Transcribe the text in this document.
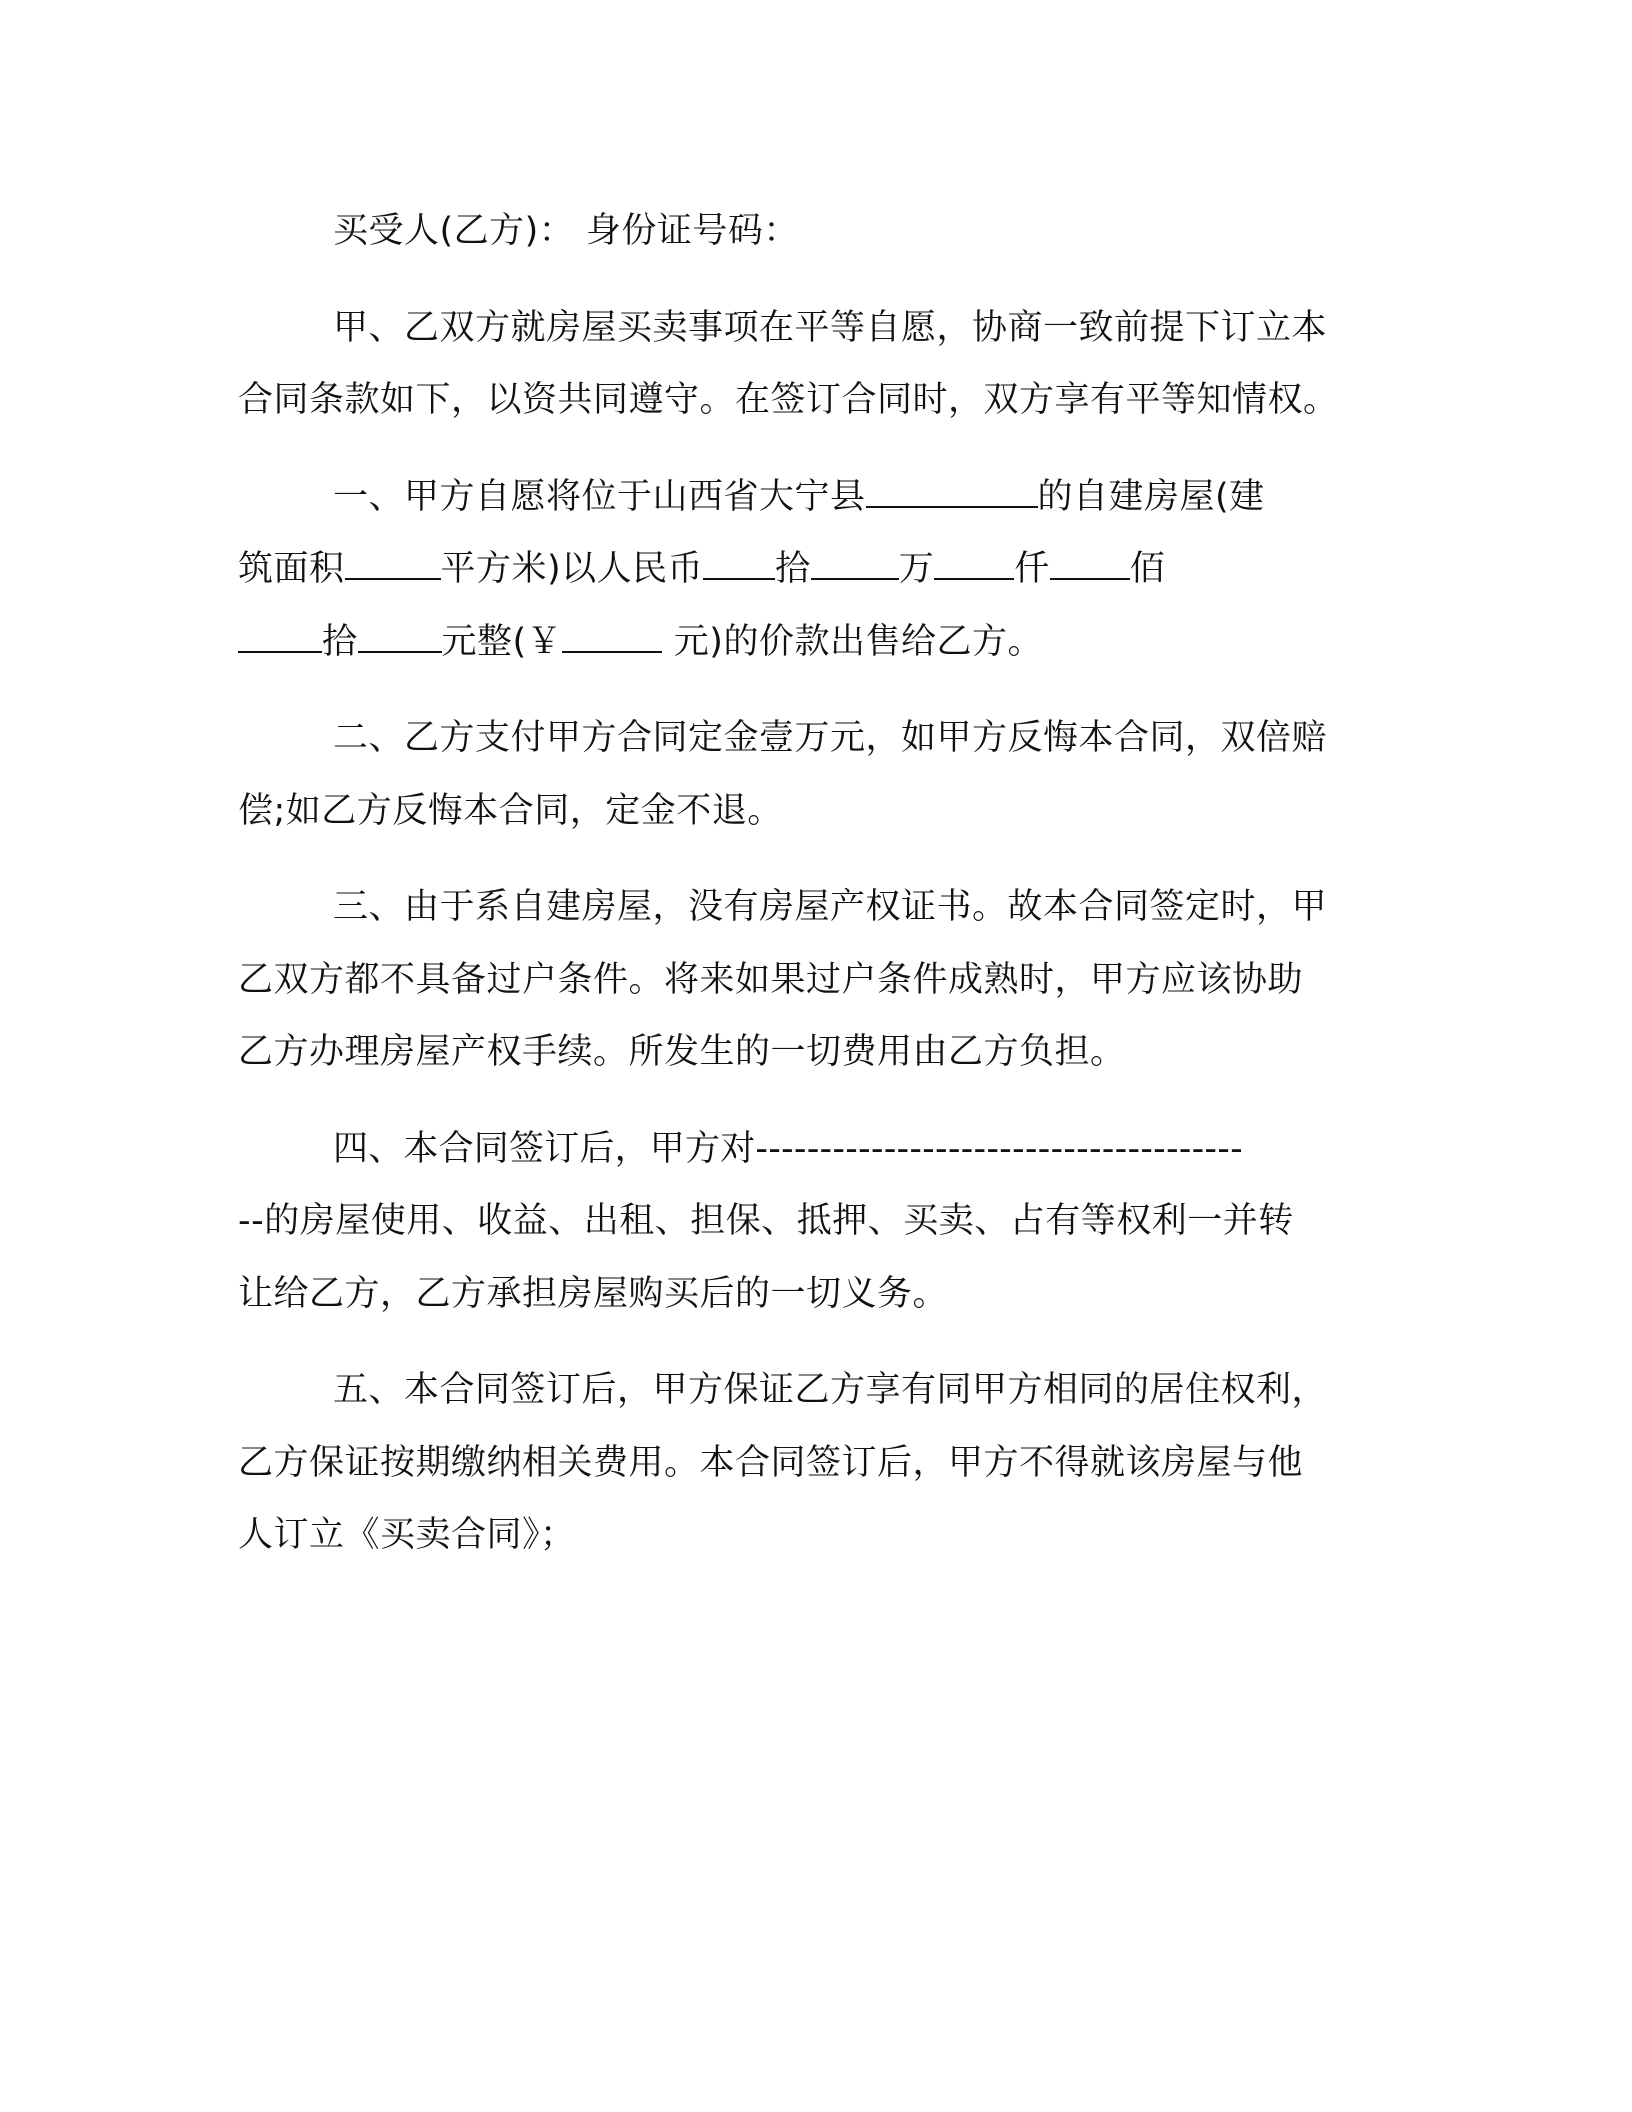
买受人(乙方)： 身份证号码：

甲、乙双方就房屋买卖事项在平等自愿，协商一致前提下订立本
合同条款如下，以资共同遵守。在签订合同时，双方享有平等知情权。

一、甲方自愿将位于山西省大宁县	的自建房屋(建
筑面积	平方米)以人民币 拾	万 仟 佰
拾 元整(￥	元)的价款出售给乙方。

二、乙方支付甲方合同定金壹万元，如甲方反悔本合同，双倍赔
偿;如乙方反悔本合同，定金不退。

三、由于系自建房屋，没有房屋产权证书。故本合同签定时，甲
乙双方都不具备过户条件。将来如果过户条件成熟时，甲方应该协助
乙方办理房屋产权手续。所发生的一切费用由乙方负担。

四、本合同签订后，甲方对--------------------------------------
--的房屋使用、收益、出租、担保、抵押、买卖、占有等权利一并转
让给乙方，乙方承担房屋购买后的一切义务。

五、本合同签订后，甲方保证乙方享有同甲方相同的居住权利，
乙方保证按期缴纳相关费用。本合同签订后，甲方不得就该房屋与他
人订立《买卖合同》；
